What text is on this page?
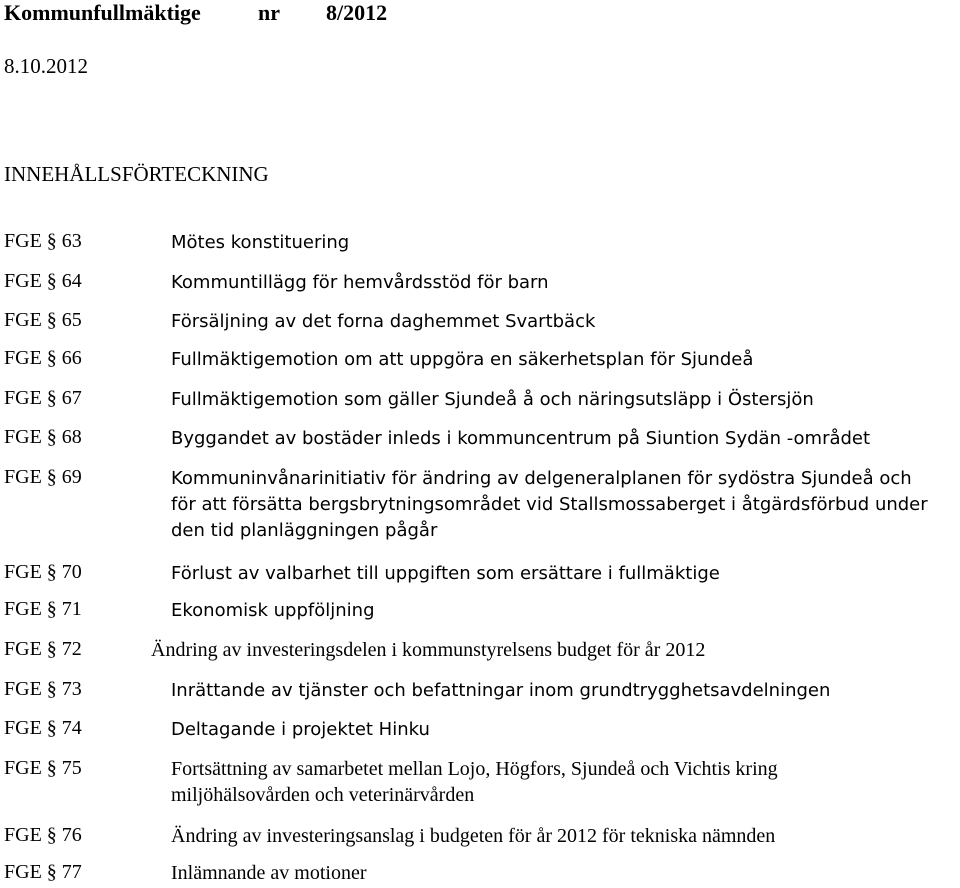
Kommunfullmäktige	nr 8/2012
8.10.2012
INNEHÅLLSFÖRTECKNING
FGE § 63	Mötes konstituering
FGE § 64	Kommuntillägg för hemvårdsstöd för barn
FGE § 65	Försäljning av det forna daghemmet Svartbäck
FGE § 66	Fullmäktigemotion om att uppgöra en säkerhetsplan för Sjundeå
FGE § 67	Fullmäktigemotion som gäller Sjundeå å och näringsutsläpp i Östersjön
FGE § 68	Byggandet av bostäder inleds i kommuncentrum på Siuntion Sydän -området
FGE § 69	Kommuninvånarinitiativ för ändring av delgeneralplanen för sydöstra Sjundeå och
för att försätta bergsbrytningsområdet vid Stallsmossaberget i åtgärdsförbud under
den tid planläggningen pågår
FGE § 70	Förlust av valbarhet till uppgiften som ersättare i fullmäktige
FGE § 71	Ekonomisk uppföljning
FGE § 72	Ändring av investeringsdelen i kommunstyrelsens budget för år 2012
FGE § 73	Inrättande av tjänster och befattningar inom grundtrygghetsavdelningen
FGE § 74	Deltagande i projektet Hinku
FGE § 75	Fortsättning av samarbetet mellan Lojo, Högfors, Sjundeå och Vichtis kring
miljöhälsovården och veterinärvården
FGE § 76	Ändring av investeringsanslag i budgeten för år 2012 för tekniska nämnden
FGE § 77	Inlämnande av motioner
